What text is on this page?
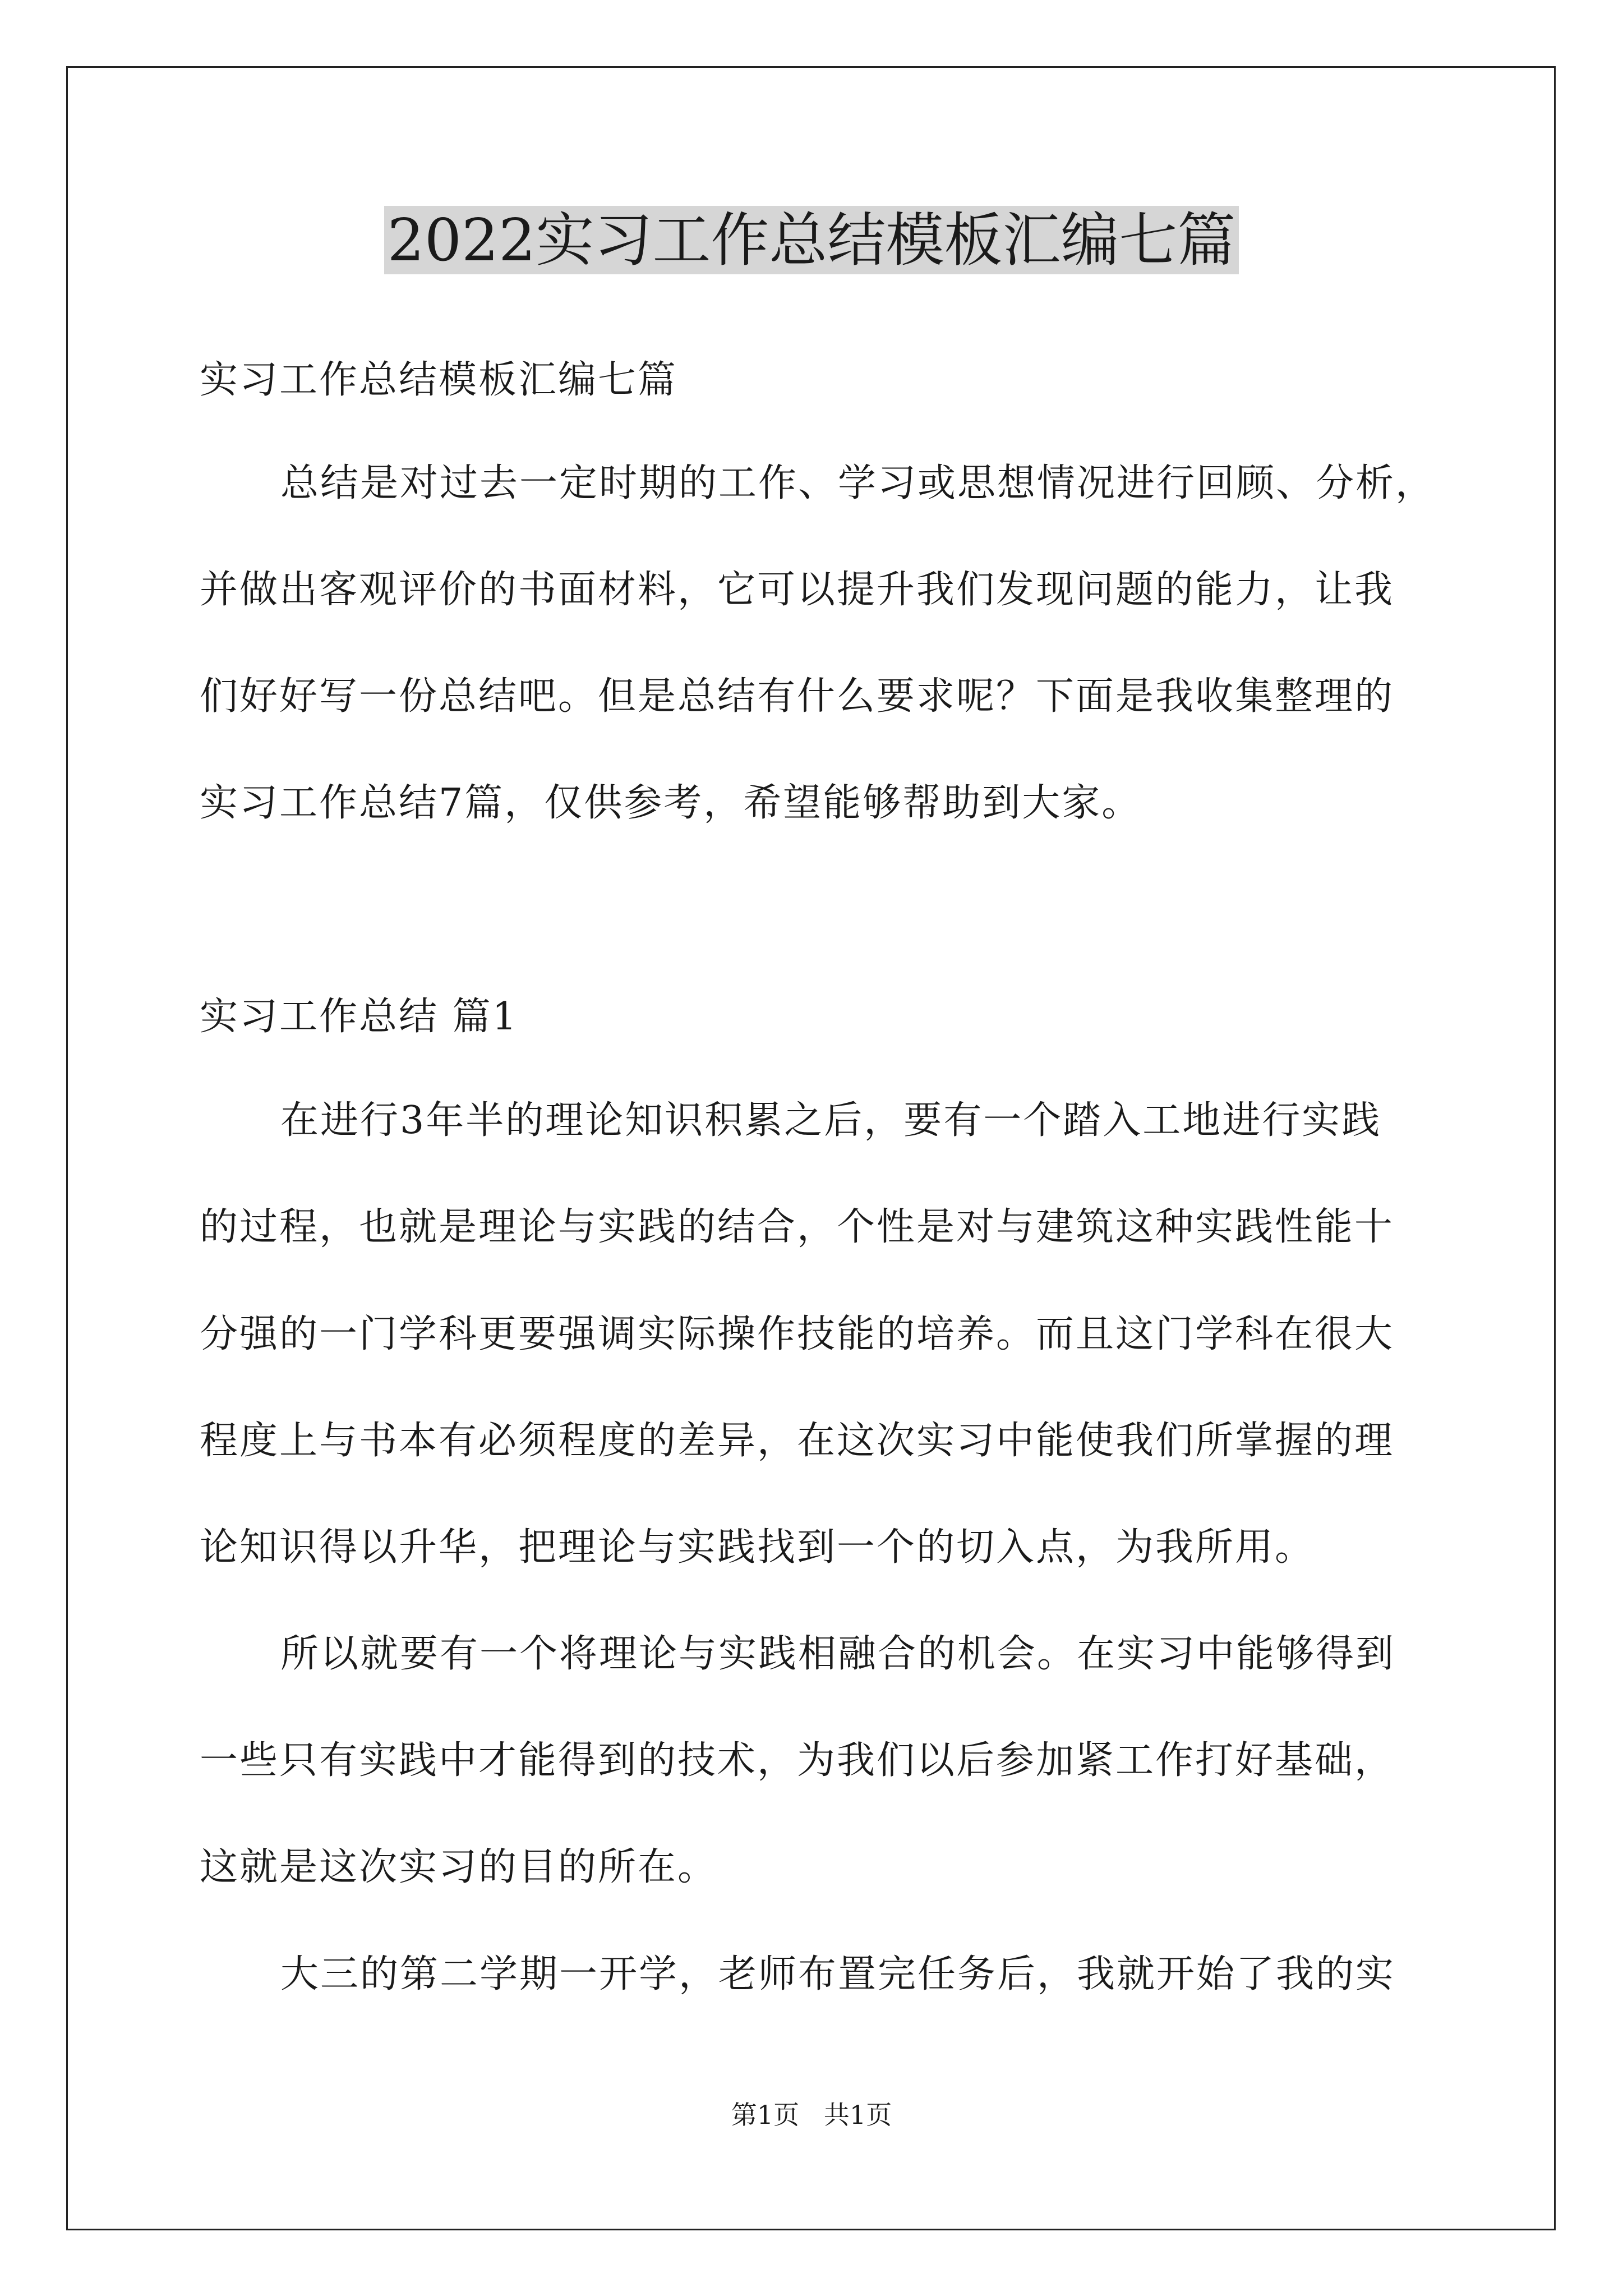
2022实习工作总结模板汇编七篇
实习工作总结模板汇编七篇
总结是对过去一定时期的工作、学习或思想情况进行回顾、分析，
并做出客观评价的书面材料，它可以提升我们发现问题的能力，让我
们好好写一份总结吧。但是总结有什么要求呢？下面是我收集整理的
实习工作总结7篇，仅供参考，希望能够帮助到大家。
实习工作总结 篇1
在进行3年半的理论知识积累之后，要有一个踏入工地进行实践
的过程，也就是理论与实践的结合，个性是对与建筑这种实践性能十
分强的一门学科更要强调实际操作技能的培养。而且这门学科在很大
程度上与书本有必须程度的差异，在这次实习中能使我们所掌握的理
论知识得以升华，把理论与实践找到一个的切入点，为我所用。
所以就要有一个将理论与实践相融合的机会。在实习中能够得到
一些只有实践中才能得到的技术，为我们以后参加紧工作打好基础，
这就是这次实习的目的所在。
大三的第二学期一开学，老师布置完任务后，我就开始了我的实
第1页   共1页
